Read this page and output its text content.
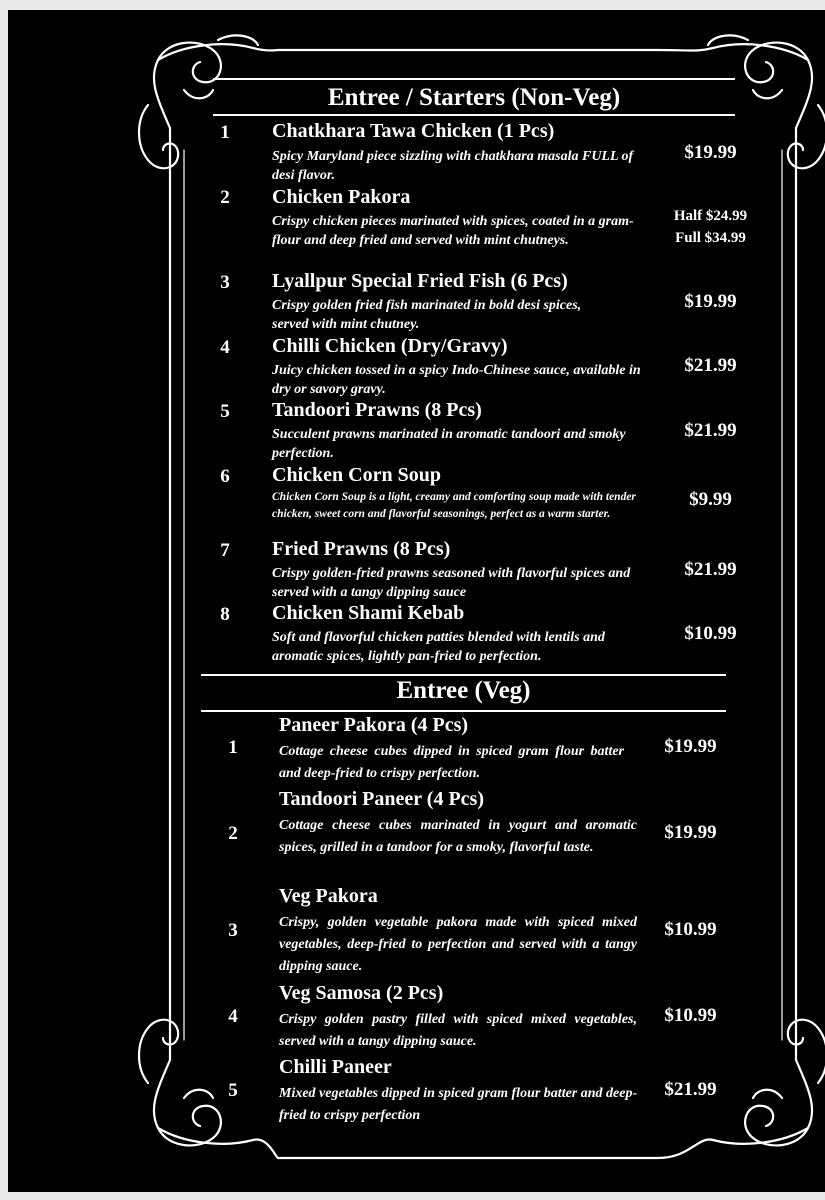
Entree / Starters (Non-Veg)
1	Chatkhara Tawa Chicken (1 Pcs)
Spicy Maryland piece sizzling with chatkhara masala FULL of desi flavor.
$19.99
2	Chicken Pakora
Crispy chicken pieces marinated with spices, coated in a gram-flour and deep fried and served with mint chutneys.
Half $24.99
Full $34.99
3	Lyallpur Special Fried Fish (6 Pcs)
Crispy golden fried fish marinated in bold desi spices, served with mint chutney.
$19.99
4	Chilli Chicken (Dry/Gravy)
Juicy chicken tossed in a spicy Indo-Chinese sauce, available in dry or savory gravy.
$21.99
5	Tandoori Prawns (8 Pcs)
Succulent prawns marinated in aromatic tandoori and smoky perfection.
$21.99
6	Chicken Corn Soup
Chicken Corn Soup is a light, creamy and comforting soup made with tender chicken, sweet corn and flavorful seasonings, perfect as a warm starter.
$9.99
7	Fried Prawns (8 Pcs)
Crispy golden-fried prawns seasoned with flavorful spices and served with a tangy dipping sauce
$21.99
8	Chicken Shami Kebab
Soft and flavorful chicken patties blended with lentils and aromatic spices, lightly pan-fried to perfection.
$10.99
Entree (Veg)
1
Paneer Pakora (4 Pcs)
Cottage cheese cubes dipped in spiced gram flour batter and deep-fried to crispy perfection.
$19.99
2
Tandoori Paneer (4 Pcs)
Cottage cheese cubes marinated in yogurt and aromatic spices, grilled in a tandoor for a smoky, flavorful taste.
$19.99
3
Veg Pakora
Crispy, golden vegetable pakora made with spiced mixed vegetables, deep-fried to perfection and served with a tangy dipping sauce.
$10.99
4
Veg Samosa (2 Pcs)
Crispy golden pastry filled with spiced mixed vegetables, served with a tangy dipping sauce.
$10.99
5
Chilli Paneer
Mixed vegetables dipped in spiced gram flour batter and deep-fried to crispy perfection
$21.99
